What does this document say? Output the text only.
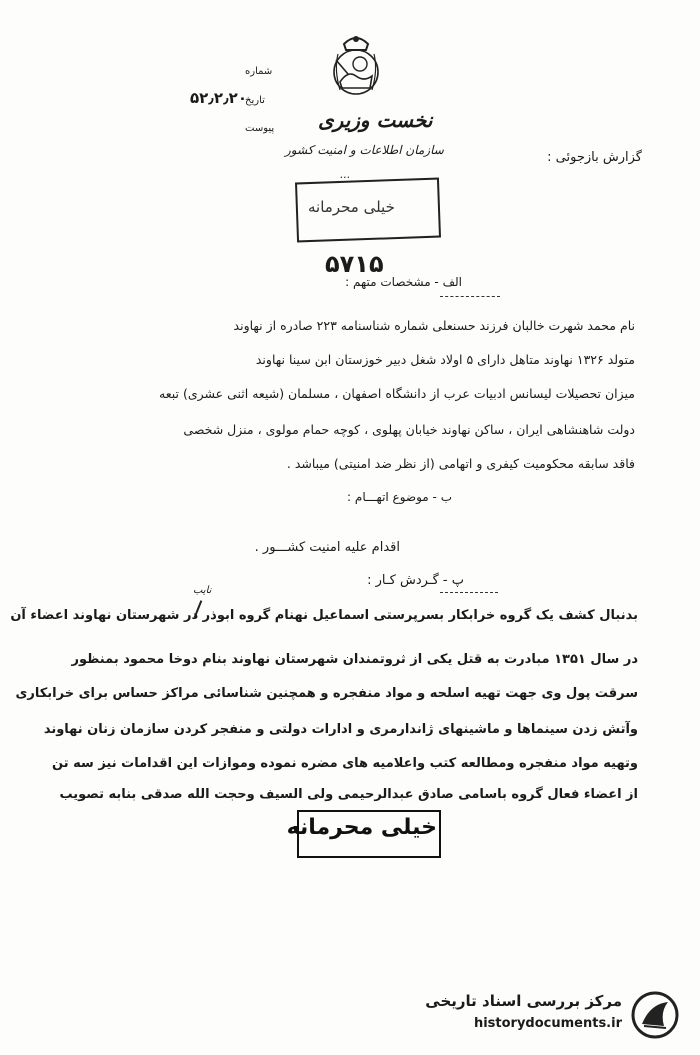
شماره
تاریخ
۵۲٫۲٫۲۰
پیوست نخست وزیری
سازمان اطلاعات و امنیت کشور	گزارش بازجوئی :
...
خیلی محرمانه
۵۷۱۵
الف - مشخصات متهم :
نام محمد شهرت خالبان فرزند حسنعلی شماره شناسنامه ۲۲۳ صادره از نهاوند
متولد ۱۳۲۶ نهاوند متاهل دارای ۵ اولاد شغل دبیر خوزستان ابن سینا نهاوند
میزان تحصیلات لیسانس ادبیات عرب از دانشگاه اصفهان ، مسلمان (شیعه اثنی عشری) تبعه
دولت شاهنشاهی ایران ، ساکن نهاوند خیابان پهلوی ، کوچه حمام مولوی ، منزل شخصی
فاقد سابقه محکومیت کیفری و اتهامی (از نظر ضد امنیتی) میباشد .
ب - موضوع اتهـــام :
اقدام علیه امنیت کشـــور .
پ - گـردش کـار :
نایب
بدنبال کشف یک گروه خرابکار بسرپرستی اسماعیل نهنام گروه ابوذر در شهرستان نهاوند اعضاء آن
در سال ۱۳۵۱ مبادرت به قتل یکی از ثروتمندان شهرستان نهاوند بنام دوخا محمود بمنظور
سرقت پول وی جهت تهیه اسلحه و مواد منفجره و همچنین شناسائی مراکز حساس برای خرابکاری
وآتش زدن سینماها و ماشینهای ژاندارمری و ادارات دولتی و منفجر کردن سازمان زنان نهاوند
وتهیه مواد منفجره ومطالعه کتب واعلامیه های مضره نموده وموازات این اقدامات نیز سه تن
از اعضاء فعال گروه باسامی صادق عبدالرحیمی ولی السیف وحجت الله صدقی بنابه تصویب
خیلی محرمانه
مرکز بررسی اسناد تاریخی
historydocuments.ir
